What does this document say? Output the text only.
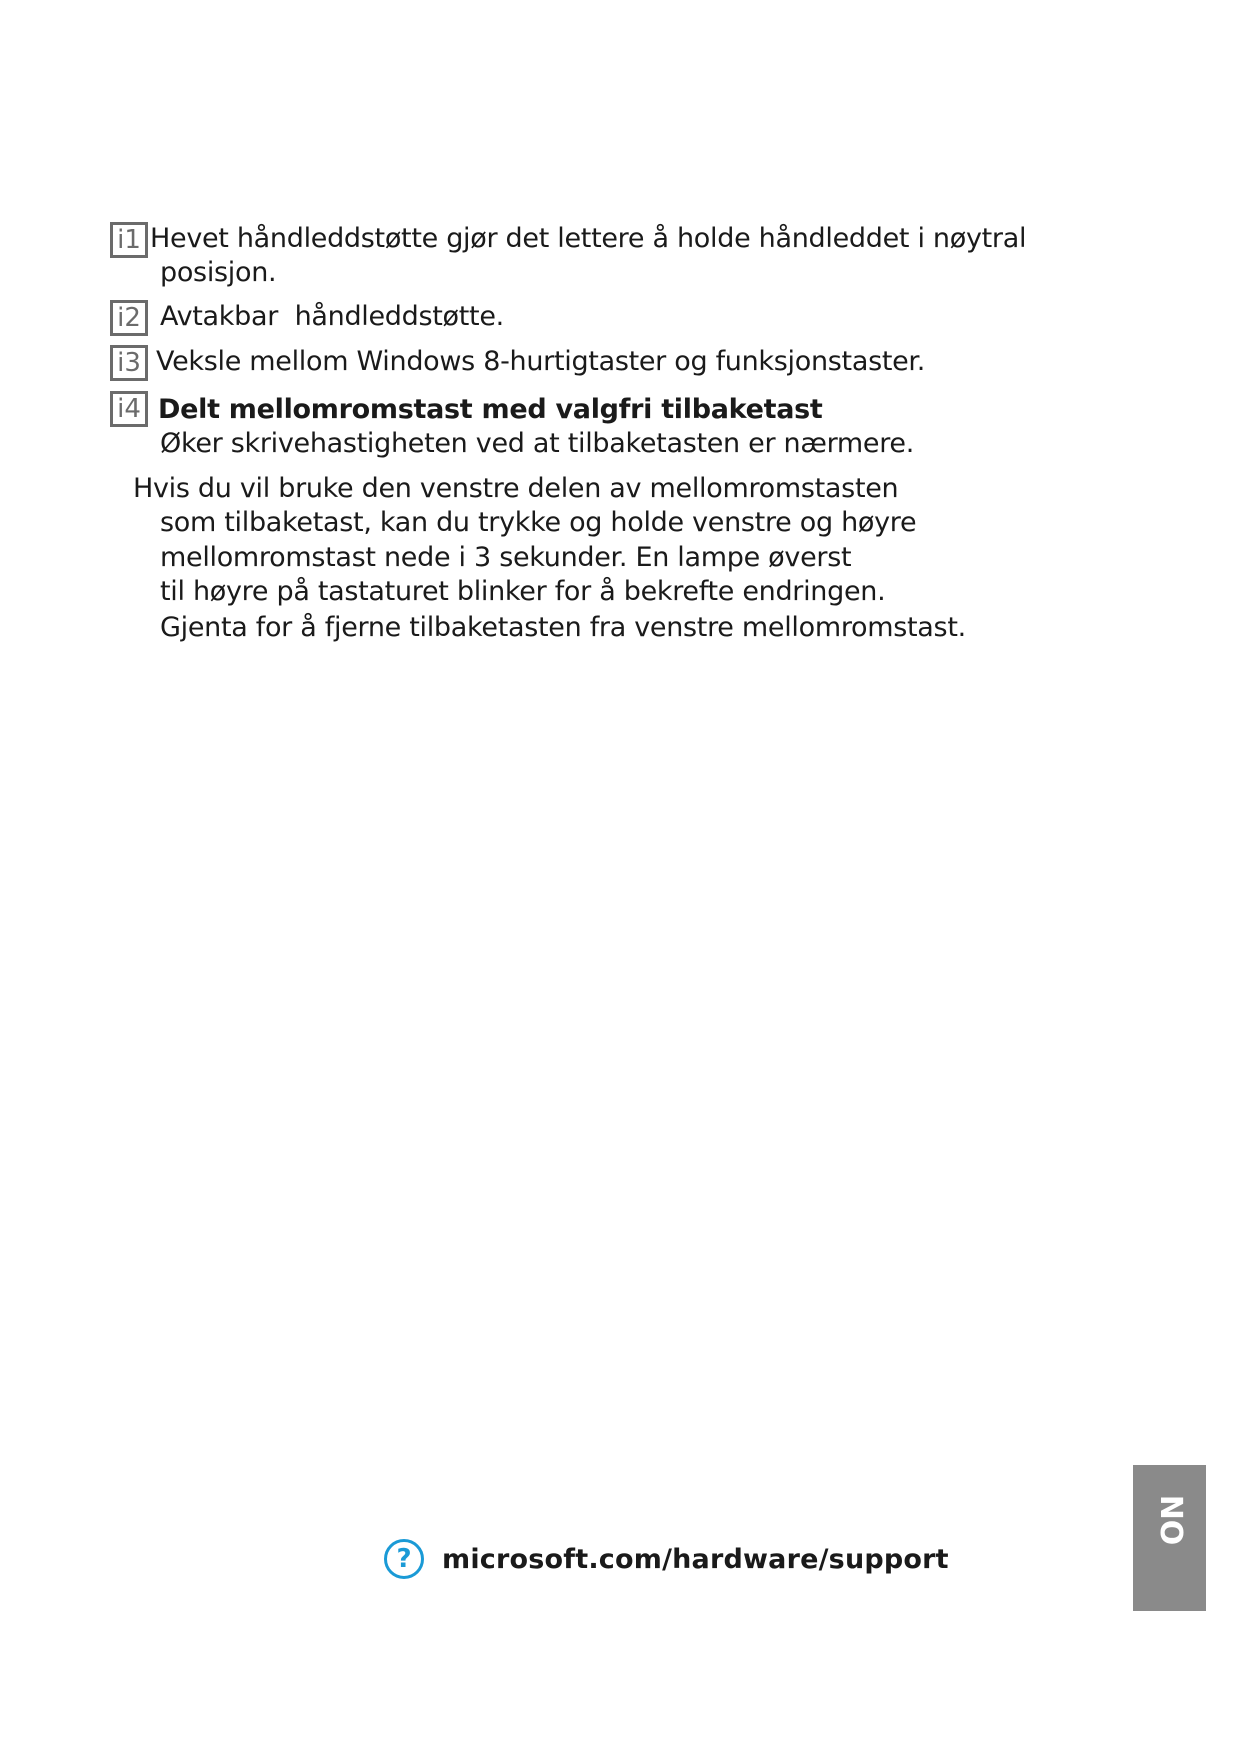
i1 Hevet håndleddstøtte gjør det lettere å holde håndleddet i nøytral
posisjon.
i2 Avtakbar  håndleddstøtte.
i3 Veksle mellom Windows 8-hurtigtaster og funksjonstaster.
i4 Delt mellomromstast med valgfri tilbaketast
Øker skrivehastigheten ved at tilbaketasten er nærmere.
Hvis du vil bruke den venstre delen av mellomromstasten
som tilbaketast, kan du trykke og holde venstre og høyre
mellomromstast nede i 3 sekunder. En lampe øverst
til høyre på tastaturet blinker for å bekrefte endringen.
Gjenta for å fjerne tilbaketasten fra venstre mellomromstast.
?	microsoft.com/hardware/support
NO
